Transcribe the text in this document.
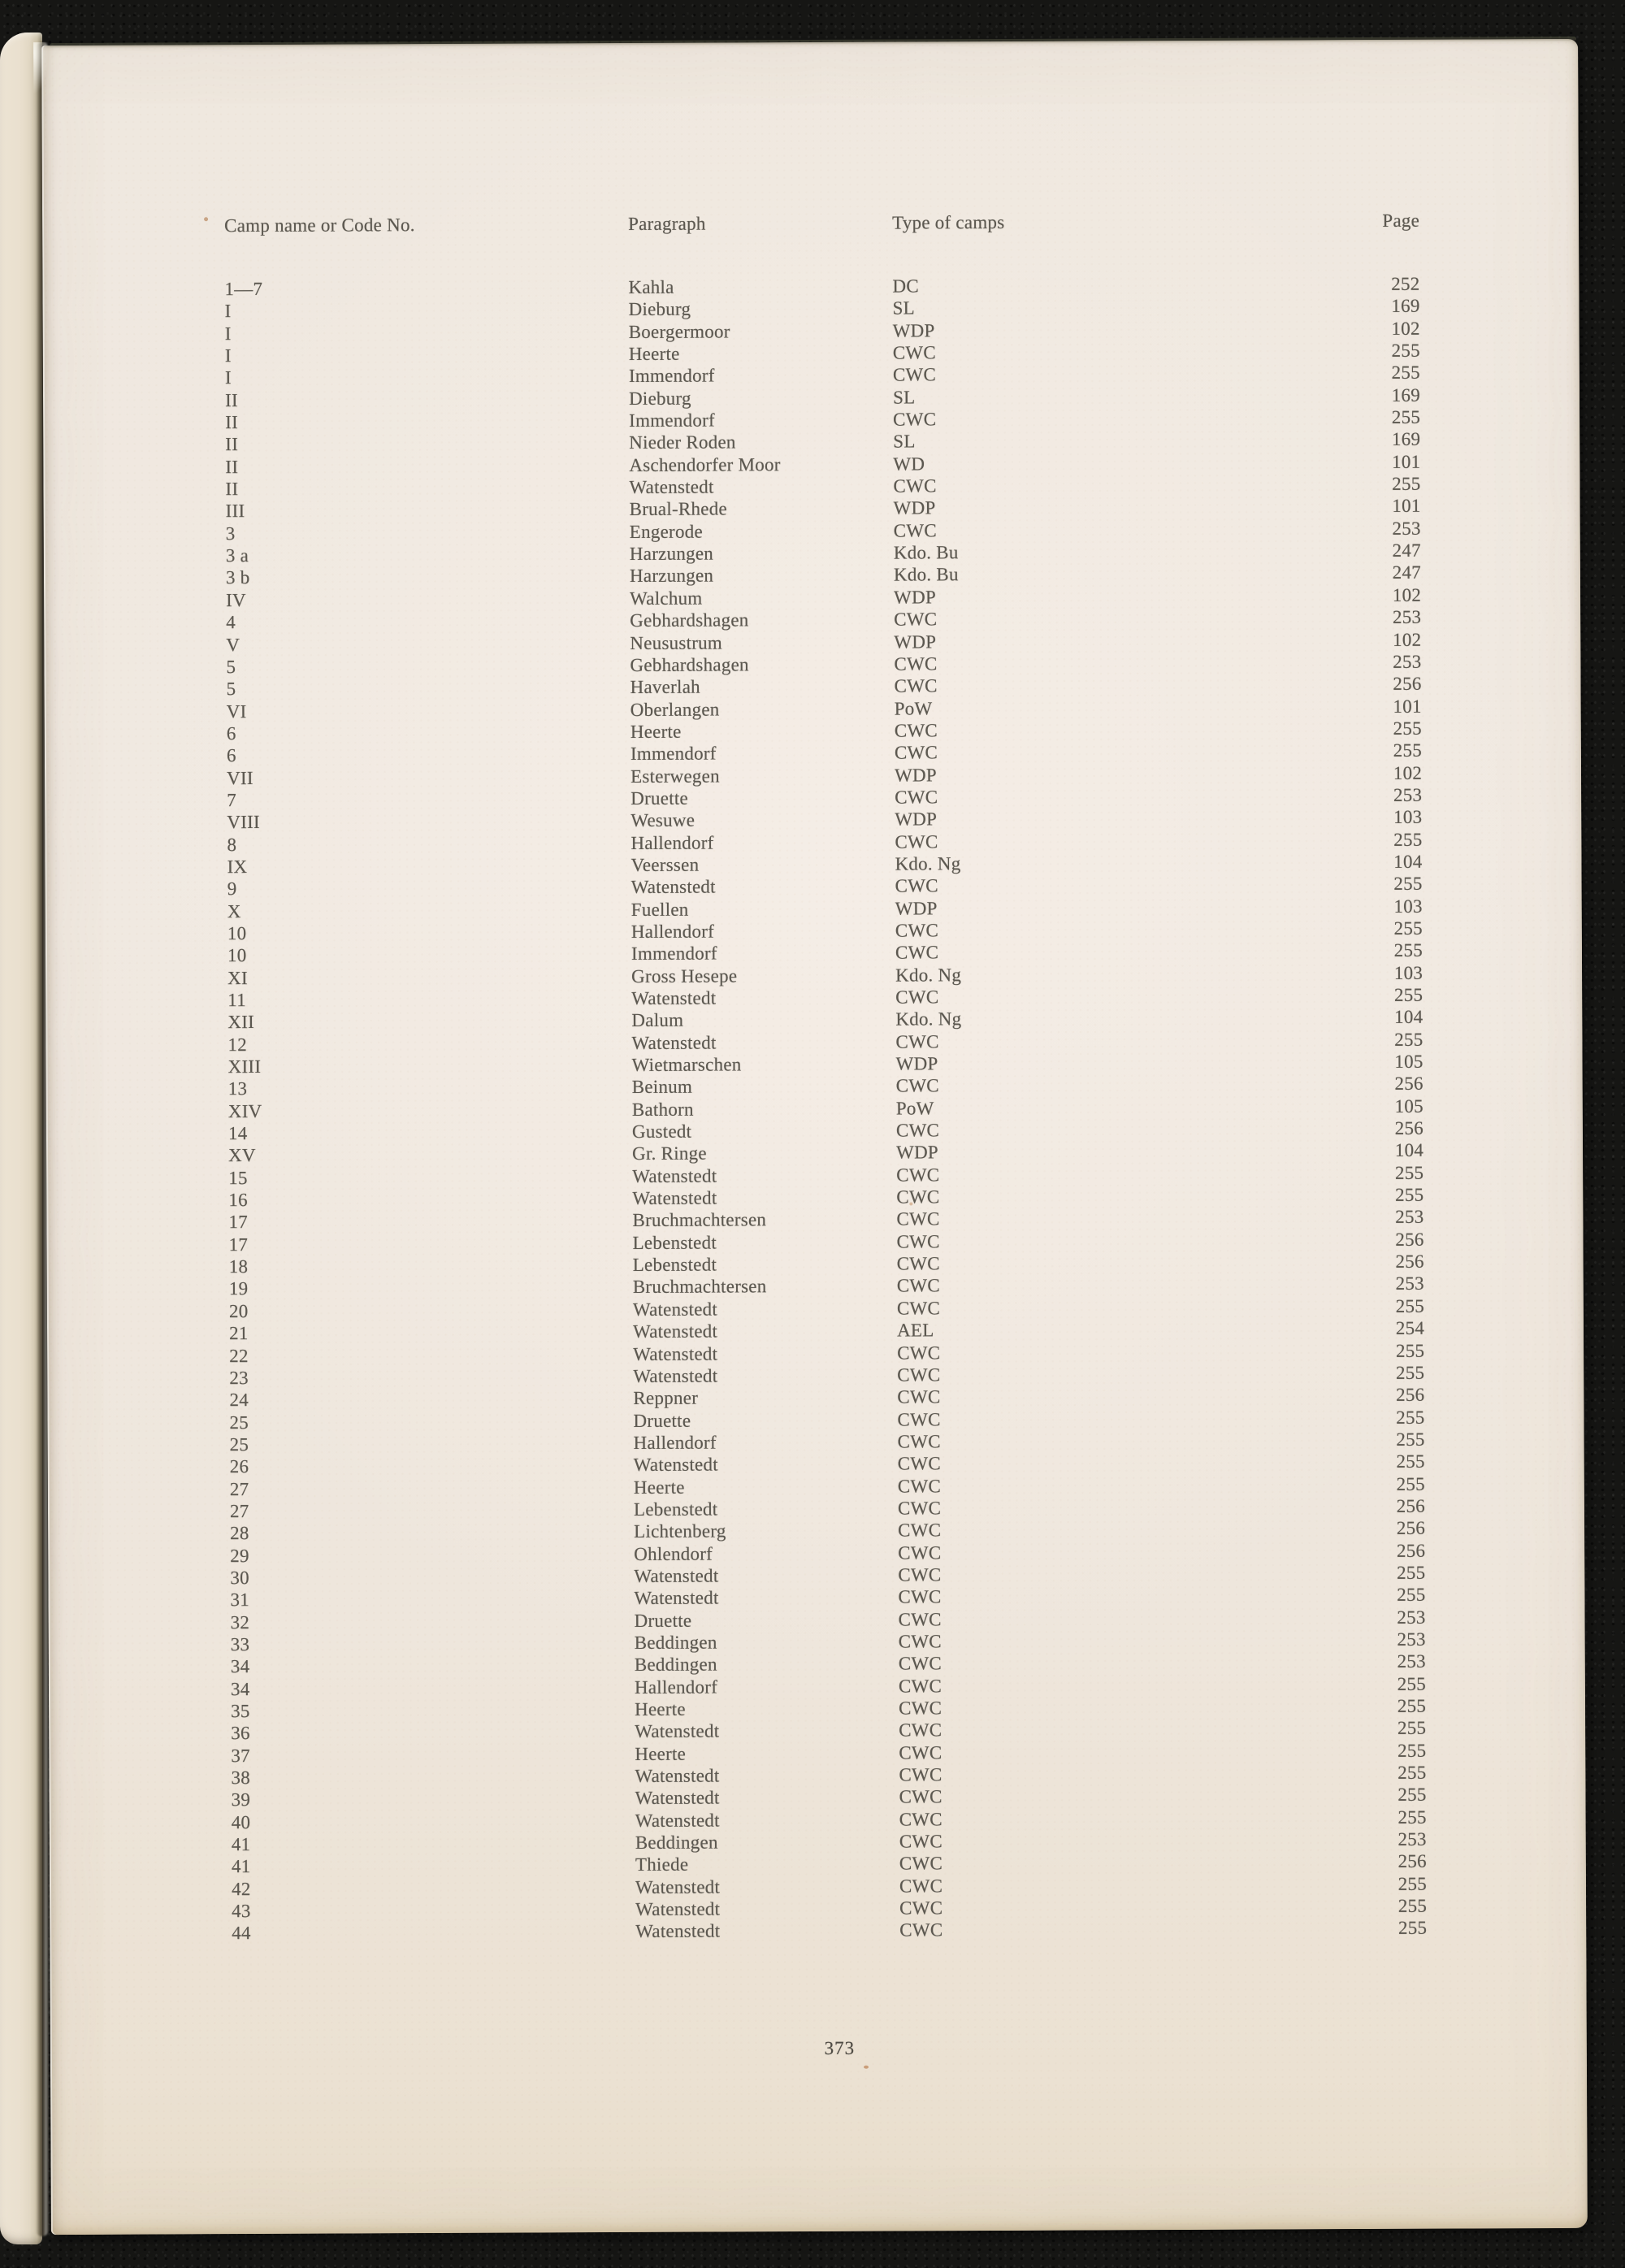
Camp name or Code No.	Paragraph	Type of camps	Page
1—7	Kahla	DC	252
I	Dieburg	SL	169
I	Boergermoor	WDP	102
I	Heerte	CWC	255
I	Immendorf	CWC	255
II	Dieburg	SL	169
II	Immendorf	CWC	255
II	Nieder Roden	SL	169
II	Aschendorfer Moor	WD	101
II	Watenstedt	CWC	255
III	Brual-Rhede	WDP	101
3	Engerode	CWC	253
3 a	Harzungen	Kdo. Bu	247
3 b	Harzungen	Kdo. Bu	247
IV	Walchum	WDP	102
4	Gebhardshagen	CWC	253
V	Neusustrum	WDP	102
5	Gebhardshagen	CWC	253
5	Haverlah	CWC	256
VI	Oberlangen	PoW	101
6	Heerte	CWC	255
6	Immendorf	CWC	255
VII	Esterwegen	WDP	102
7	Druette	CWC	253
VIII	Wesuwe	WDP	103
8	Hallendorf	CWC	255
IX	Veerssen	Kdo. Ng	104
9	Watenstedt	CWC	255
X	Fuellen	WDP	103
10	Hallendorf	CWC	255
10	Immendorf	CWC	255
XI	Gross Hesepe	Kdo. Ng	103
11	Watenstedt	CWC	255
XII	Dalum	Kdo. Ng	104
12	Watenstedt	CWC	255
XIII	Wietmarschen	WDP	105
13	Beinum	CWC	256
XIV	Bathorn	PoW	105
14	Gustedt	CWC	256
XV	Gr. Ringe	WDP	104
15	Watenstedt	CWC	255
16	Watenstedt	CWC	255
17	Bruchmachtersen	CWC	253
17	Lebenstedt	CWC	256
18	Lebenstedt	CWC	256
19	Bruchmachtersen	CWC	253
20	Watenstedt	CWC	255
21	Watenstedt	AEL	254
22	Watenstedt	CWC	255
23	Watenstedt	CWC	255
24	Reppner	CWC	256
25	Druette	CWC	255
25	Hallendorf	CWC	255
26	Watenstedt	CWC	255
27	Heerte	CWC	255
27	Lebenstedt	CWC	256
28	Lichtenberg	CWC	256
29	Ohlendorf	CWC	256
30	Watenstedt	CWC	255
31	Watenstedt	CWC	255
32	Druette	CWC	253
33	Beddingen	CWC	253
34	Beddingen	CWC	253
34	Hallendorf	CWC	255
35	Heerte	CWC	255
36	Watenstedt	CWC	255
37	Heerte	CWC	255
38	Watenstedt	CWC	255
39	Watenstedt	CWC	255
40	Watenstedt	CWC	255
41	Beddingen	CWC	253
41	Thiede	CWC	256
42	Watenstedt	CWC	255
43	Watenstedt	CWC	255
44	Watenstedt	CWC	255
373
